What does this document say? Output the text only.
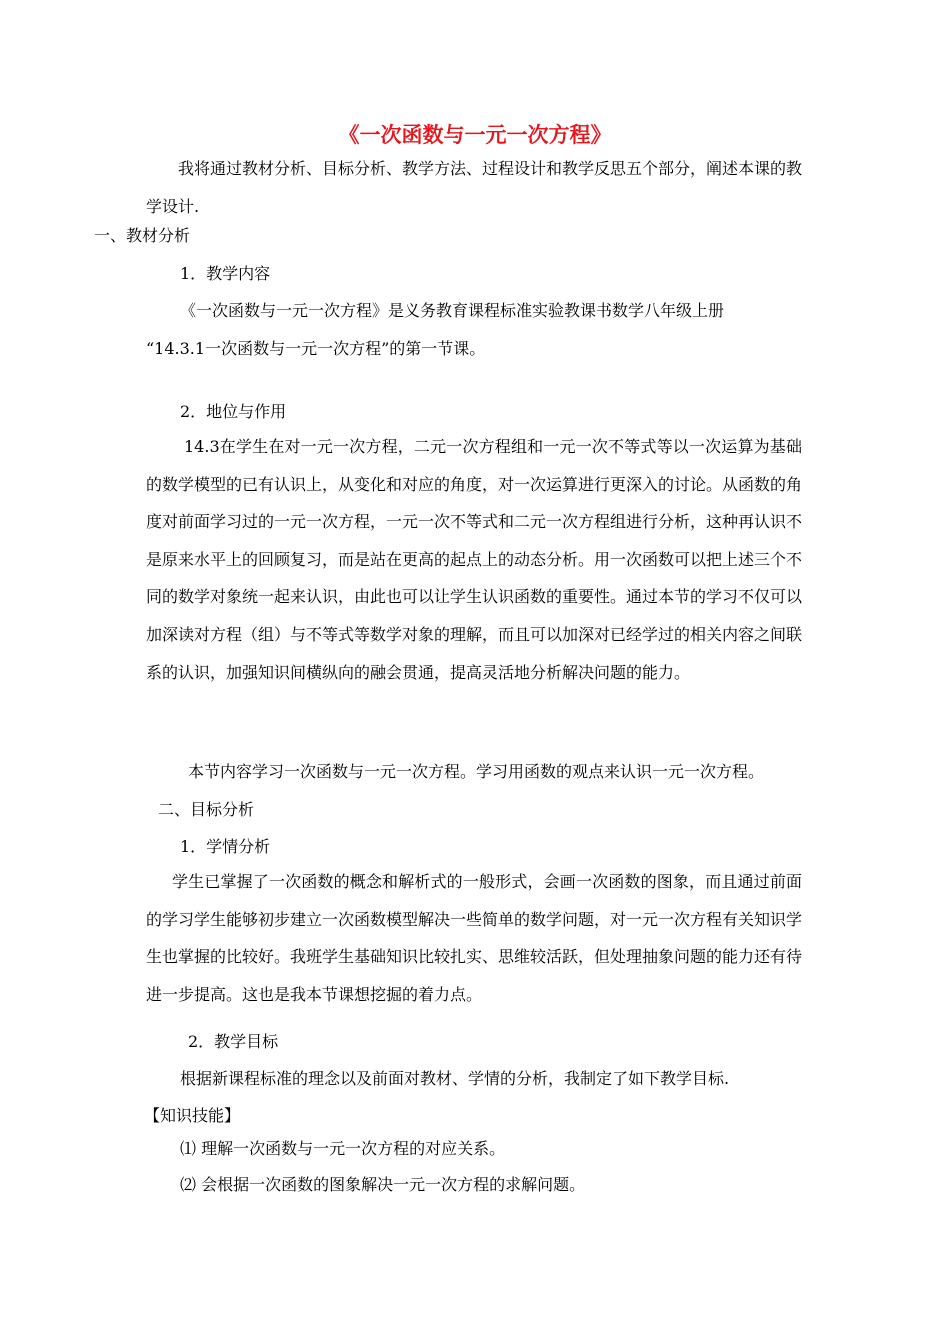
《一次函数与一元一次方程》

我将通过教材分析、目标分析、教学方法、过程设计和教学反思五个部分，阐述本课的教学设计.

一、教材分析
1．教学内容
《一次函数与一元一次方程》是义务教育课程标准实验教课书数学八年级上册
“14.3.1一次函数与一元一次方程”的第一节课。
2．地位与作用

14.3在学生在对一元一次方程，二元一次方程组和一元一次不等式等以一次运算为基础的数学模型的已有认识上，从变化和对应的角度，对一次运算进行更深入的讨论。从函数的角度对前面学习过的一元一次方程，一元一次不等式和二元一次方程组进行分析，这种再认识不是原来水平上的回顾复习，而是站在更高的起点上的动态分析。用一次函数可以把上述三个不同的数学对象统一起来认识，由此也可以让学生认识函数的重要性。通过本节的学习不仅可以加深读对方程（组）与不等式等数学对象的理解，而且可以加深对已经学过的相关内容之间联系的认识，加强知识间横纵向的融会贯通，提高灵活地分析解决问题的能力。

本节内容学习一次函数与一元一次方程。学习用函数的观点来认识一元一次方程。
二、目标分析
1．学情分析

学生已掌握了一次函数的概念和解析式的一般形式，会画一次函数的图象，而且通过前面的学习学生能够初步建立一次函数模型解决一些简单的数学问题，对一元一次方程有关知识学生也掌握的比较好。我班学生基础知识比较扎实、思维较活跃，但处理抽象问题的能力还有待进一步提高。这也是我本节课想挖掘的着力点。

2．教学目标
根据新课程标准的理念以及前面对教材、学情的分析，我制定了如下教学目标.
【知识技能】
⑴ 理解一次函数与一元一次方程的对应关系。
⑵ 会根据一次函数的图象解决一元一次方程的求解问题。
